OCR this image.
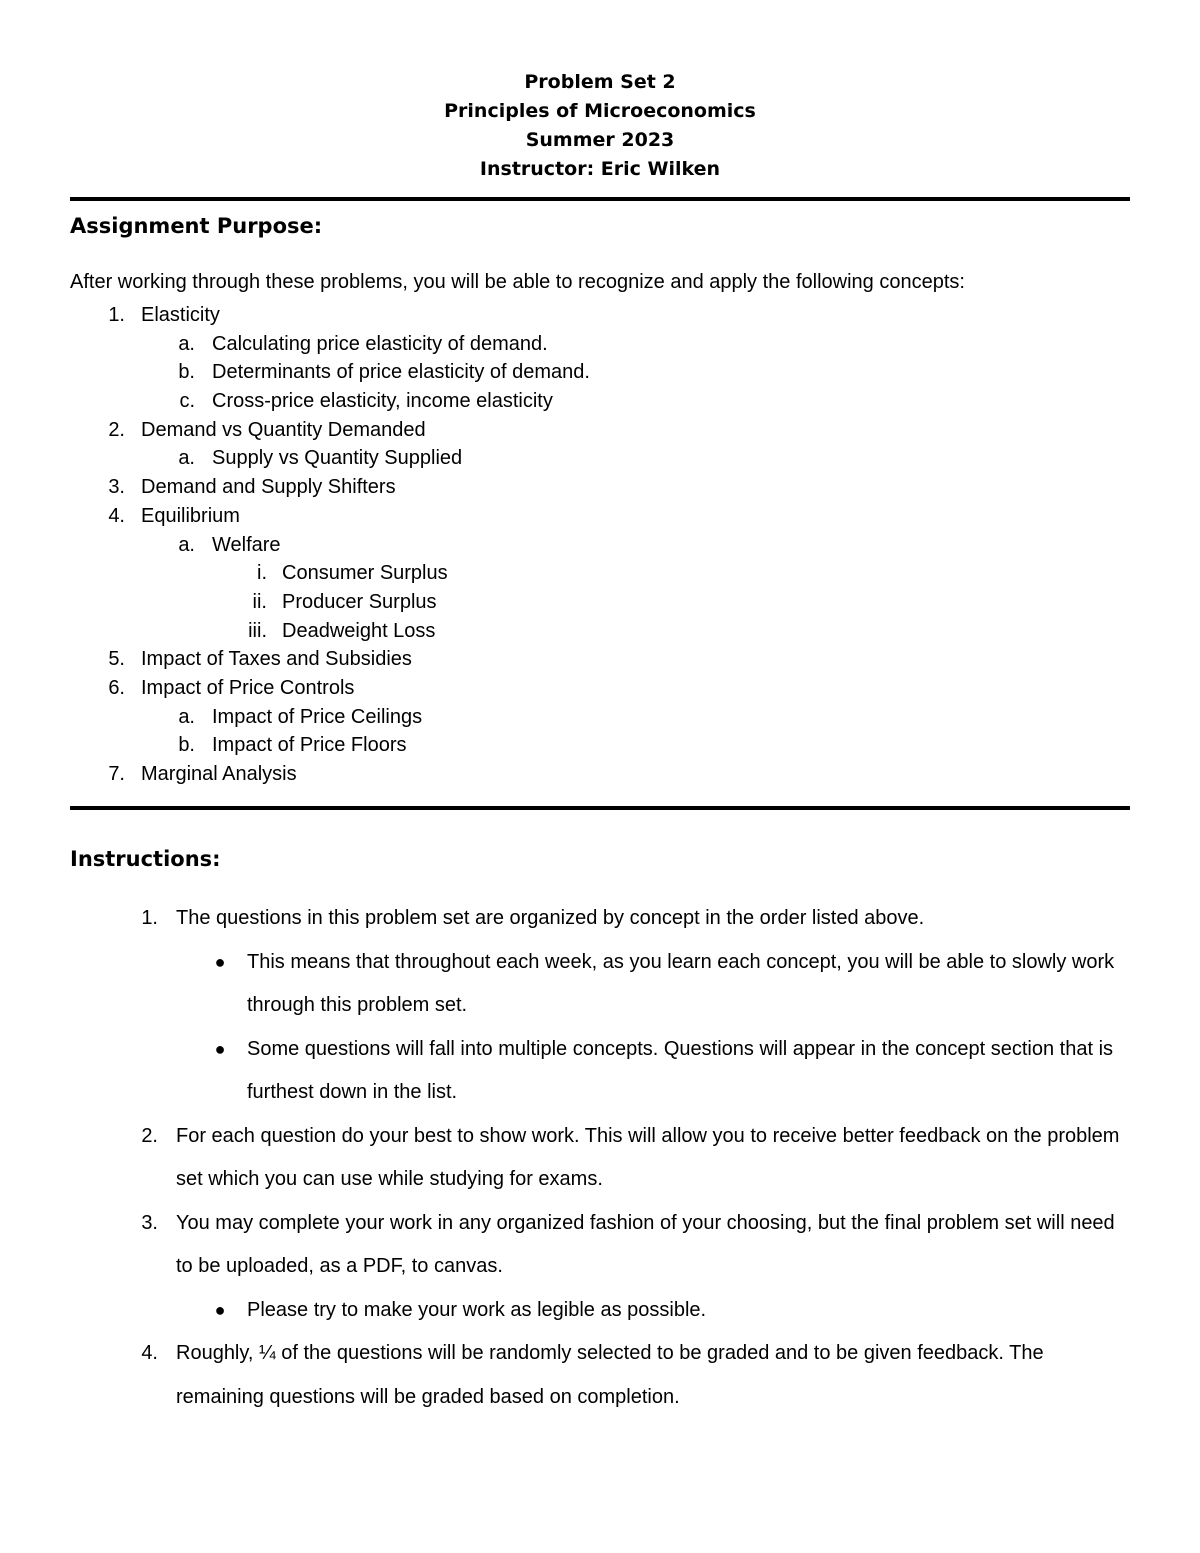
Problem Set 2
Principles of Microeconomics
Summer 2023
Instructor: Eric Wilken
Assignment Purpose:
After working through these problems, you will be able to recognize and apply the following concepts:
1. Elasticity
a. Calculating price elasticity of demand.
b. Determinants of price elasticity of demand.
c. Cross-price elasticity, income elasticity
2. Demand vs Quantity Demanded
a. Supply vs Quantity Supplied
3. Demand and Supply Shifters
4. Equilibrium
a. Welfare
i. Consumer Surplus
ii. Producer Surplus
iii. Deadweight Loss
5. Impact of Taxes and Subsidies
6. Impact of Price Controls
a. Impact of Price Ceilings
b. Impact of Price Floors
7. Marginal Analysis
Instructions:
1. The questions in this problem set are organized by concept in the order listed above.
● This means that throughout each week, as you learn each concept, you will be able to slowly work through this problem set.
● Some questions will fall into multiple concepts. Questions will appear in the concept section that is furthest down in the list.
2. For each question do your best to show work. This will allow you to receive better feedback on the problem set which you can use while studying for exams.
3. You may complete your work in any organized fashion of your choosing, but the final problem set will need to be uploaded, as a PDF, to canvas.
● Please try to make your work as legible as possible.
4. Roughly, ¼ of the questions will be randomly selected to be graded and to be given feedback. The remaining questions will be graded based on completion.
